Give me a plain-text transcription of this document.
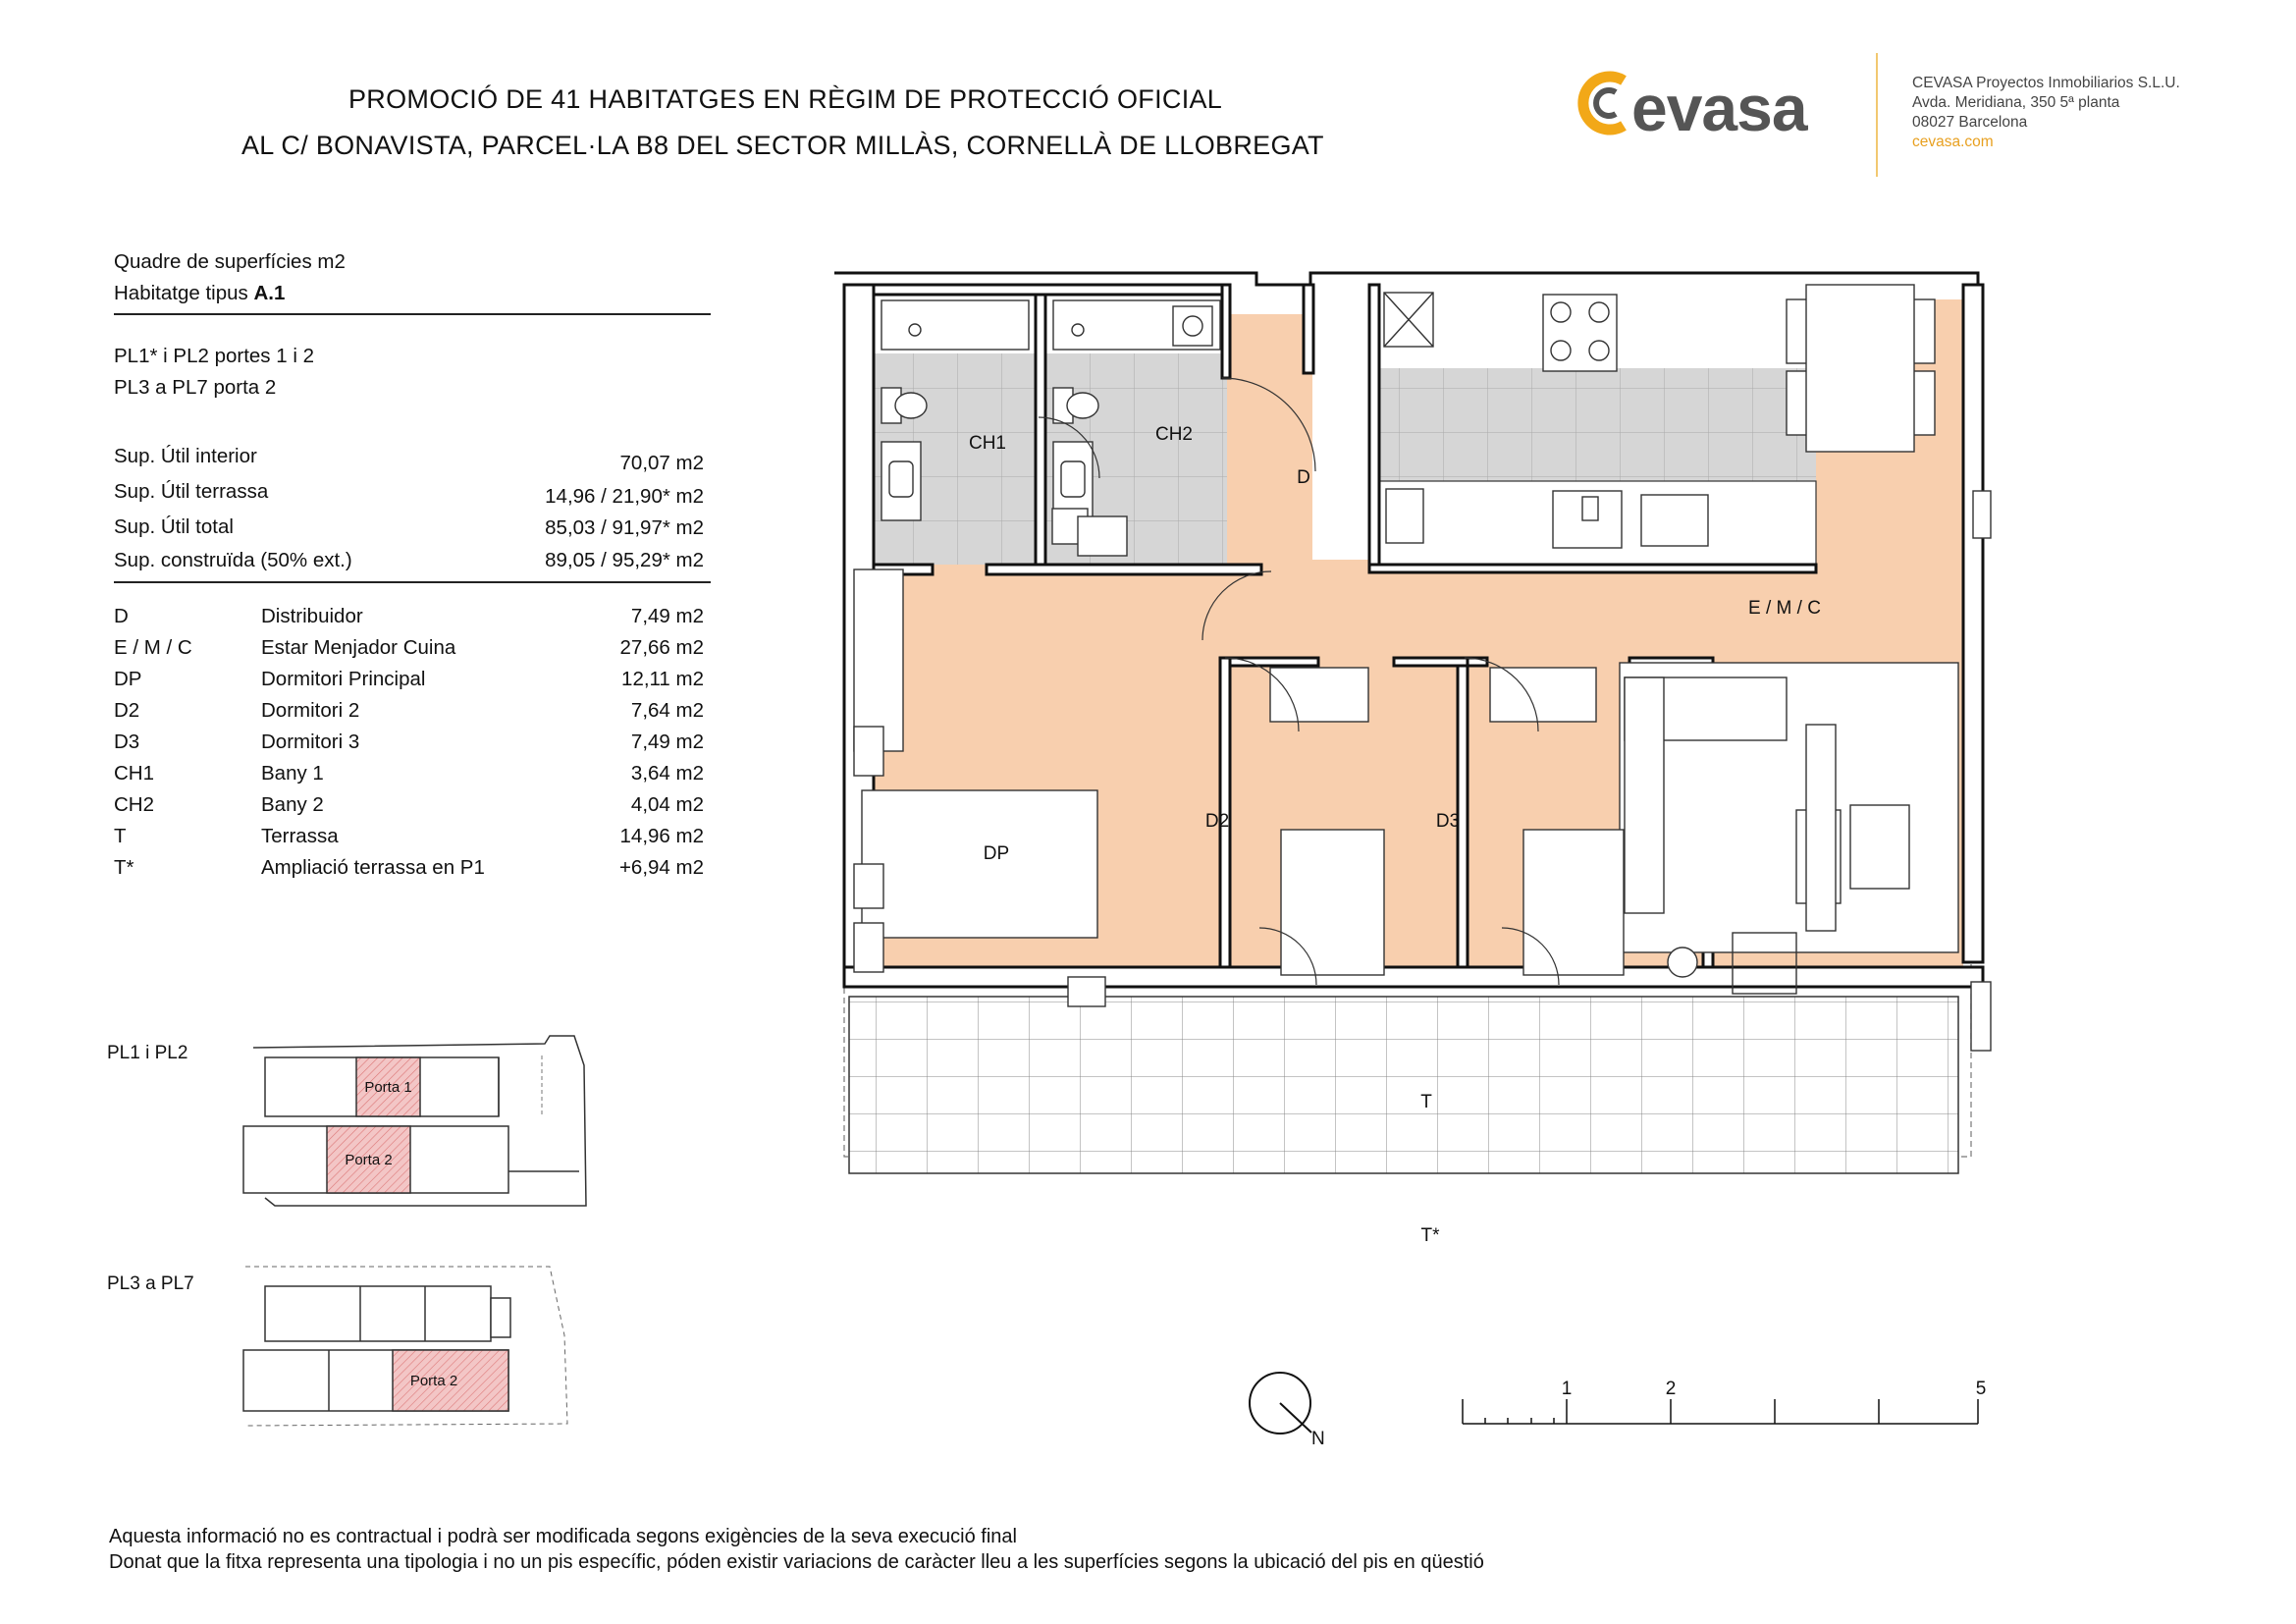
PROMOCIÓ DE 41 HABITATGES EN RÈGIM DE PROTECCIÓ OFICIAL
AL C/ BONAVISTA, PARCEL·LA B8 DEL SECTOR MILLÀS, CORNELLÀ DE LLOBREGAT
evasa	CEVASA Proyectos Inmobiliarios S.L.U.
Avda. Meridiana, 350 5ª planta
08027 Barcelona
cevasa.com
Quadre de superfícies m2
Habitatge tipus A.1
PL1* i PL2 portes 1 i 2
PL3 a PL7 porta 2
Sup. Útil interior	70,07 m2
Sup. Útil terrassa	14,96 / 21,90* m2
Sup. Útil total	85,03 / 91,97* m2
Sup. construïda (50% ext.)	89,05 / 95,29* m2
D	Distribuidor	7,49 m2
E / M / C	Estar Menjador Cuina	27,66 m2
DP	Dormitori Principal	12,11 m2
D2	Dormitori 2	7,64 m2
D3	Dormitori 3	7,49 m2
CH1	Bany 1	3,64 m2
CH2	Bany 2	4,04 m2
T	Terrassa	14,96 m2
T*	Ampliació terrassa en P1	+6,94 m2
PL1 i PL2
PL3 a PL7
Porta 1
Porta 2
Porta 2
CH1	CH2
D
E / M / C
DP
D2	D3
T
T*
N
1	2	5
Aquesta informació no es contractual i podrà ser modificada segons exigències de la seva execució final
Donat que la fitxa representa una tipologia i no un pis específic, póden existir variacions de caràcter lleu a les superfícies segons la ubicació del pis en qüestió
